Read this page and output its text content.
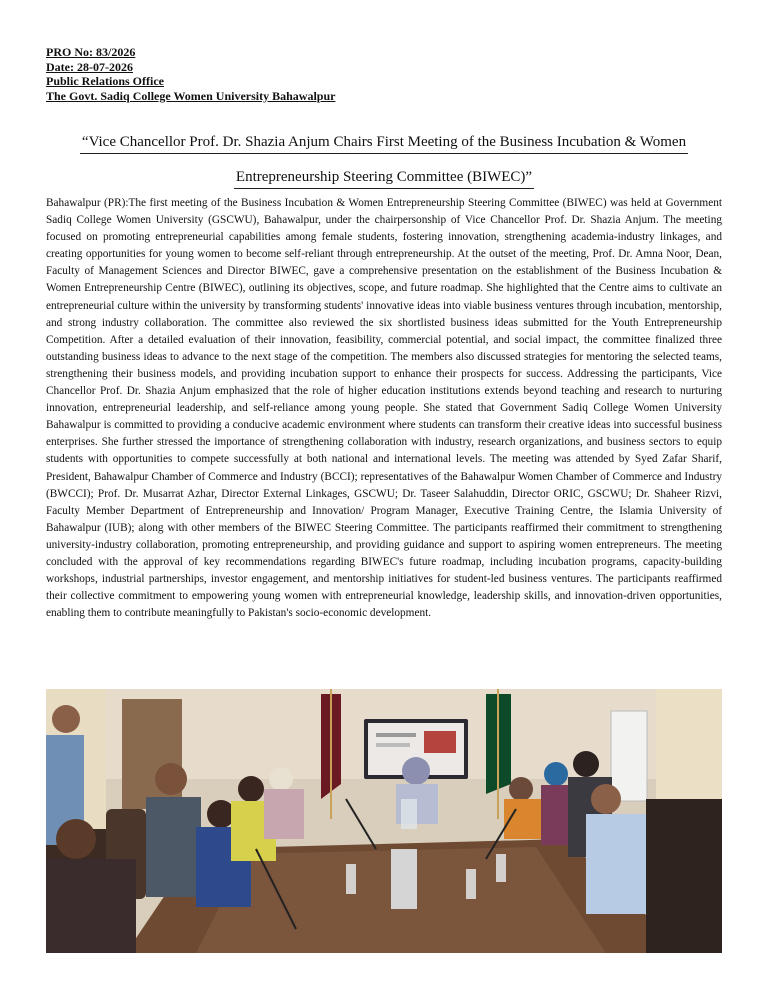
PRO No: 83/2026
Date: 28-07-2026
Public Relations Office
The Govt. Sadiq College Women University Bahawalpur
“Vice Chancellor Prof. Dr. Shazia Anjum Chairs First Meeting of the Business Incubation & Women
Entrepreneurship Steering Committee (BIWEC)”
Bahawalpur (PR):The first meeting of the Business Incubation & Women Entrepreneurship Steering Committee (BIWEC) was held at Government Sadiq College Women University (GSCWU), Bahawalpur, under the chairpersonship of Vice Chancellor Prof. Dr. Shazia Anjum. The meeting focused on promoting entrepreneurial capabilities among female students, fostering innovation, strengthening academia-industry linkages, and creating opportunities for young women to become self-reliant through entrepreneurship. At the outset of the meeting, Prof. Dr. Amna Noor, Dean, Faculty of Management Sciences and Director BIWEC, gave a comprehensive presentation on the establishment of the Business Incubation & Women Entrepreneurship Centre (BIWEC), outlining its objectives, scope, and future roadmap. She highlighted that the Centre aims to cultivate an entrepreneurial culture within the university by transforming students' innovative ideas into viable business ventures through incubation, mentorship, and strong industry collaboration. The committee also reviewed the six shortlisted business ideas submitted for the Youth Entrepreneurship Competition. After a detailed evaluation of their innovation, feasibility, commercial potential, and social impact, the committee finalized three outstanding business ideas to advance to the next stage of the competition. The members also discussed strategies for mentoring the selected teams, strengthening their business models, and providing incubation support to enhance their prospects for success. Addressing the participants, Vice Chancellor Prof. Dr. Shazia Anjum emphasized that the role of higher education institutions extends beyond teaching and research to nurturing innovation, entrepreneurial leadership, and self-reliance among young people. She stated that Government Sadiq College Women University Bahawalpur is committed to providing a conducive academic environment where students can transform their creative ideas into successful business enterprises. She further stressed the importance of strengthening collaboration with industry, research organizations, and business sectors to equip students with opportunities to compete successfully at both national and international levels. The meeting was attended by Syed Zafar Sharif, President, Bahawalpur Chamber of Commerce and Industry (BCCI); representatives of the Bahawalpur Women Chamber of Commerce and Industry (BWCCI); Prof. Dr. Musarrat Azhar, Director External Linkages, GSCWU; Dr. Taseer Salahuddin, Director ORIC, GSCWU; Dr. Shaheer Rizvi, Faculty Member Department of Entrepreneurship and Innovation/ Program Manager, Executive Training Centre, the Islamia University of Bahawalpur (IUB); along with other members of the BIWEC Steering Committee. The participants reaffirmed their commitment to strengthening university-industry collaboration, promoting entrepreneurship, and providing guidance and support to aspiring women entrepreneurs. The meeting concluded with the approval of key recommendations regarding BIWEC's future roadmap, including incubation programs, capacity-building workshops, industrial partnerships, investor engagement, and mentorship initiatives for student-led business ventures. The participants reaffirmed their collective commitment to empowering young women with entrepreneurial knowledge, leadership skills, and innovation-driven opportunities, enabling them to contribute meaningfully to Pakistan's socio-economic development.
